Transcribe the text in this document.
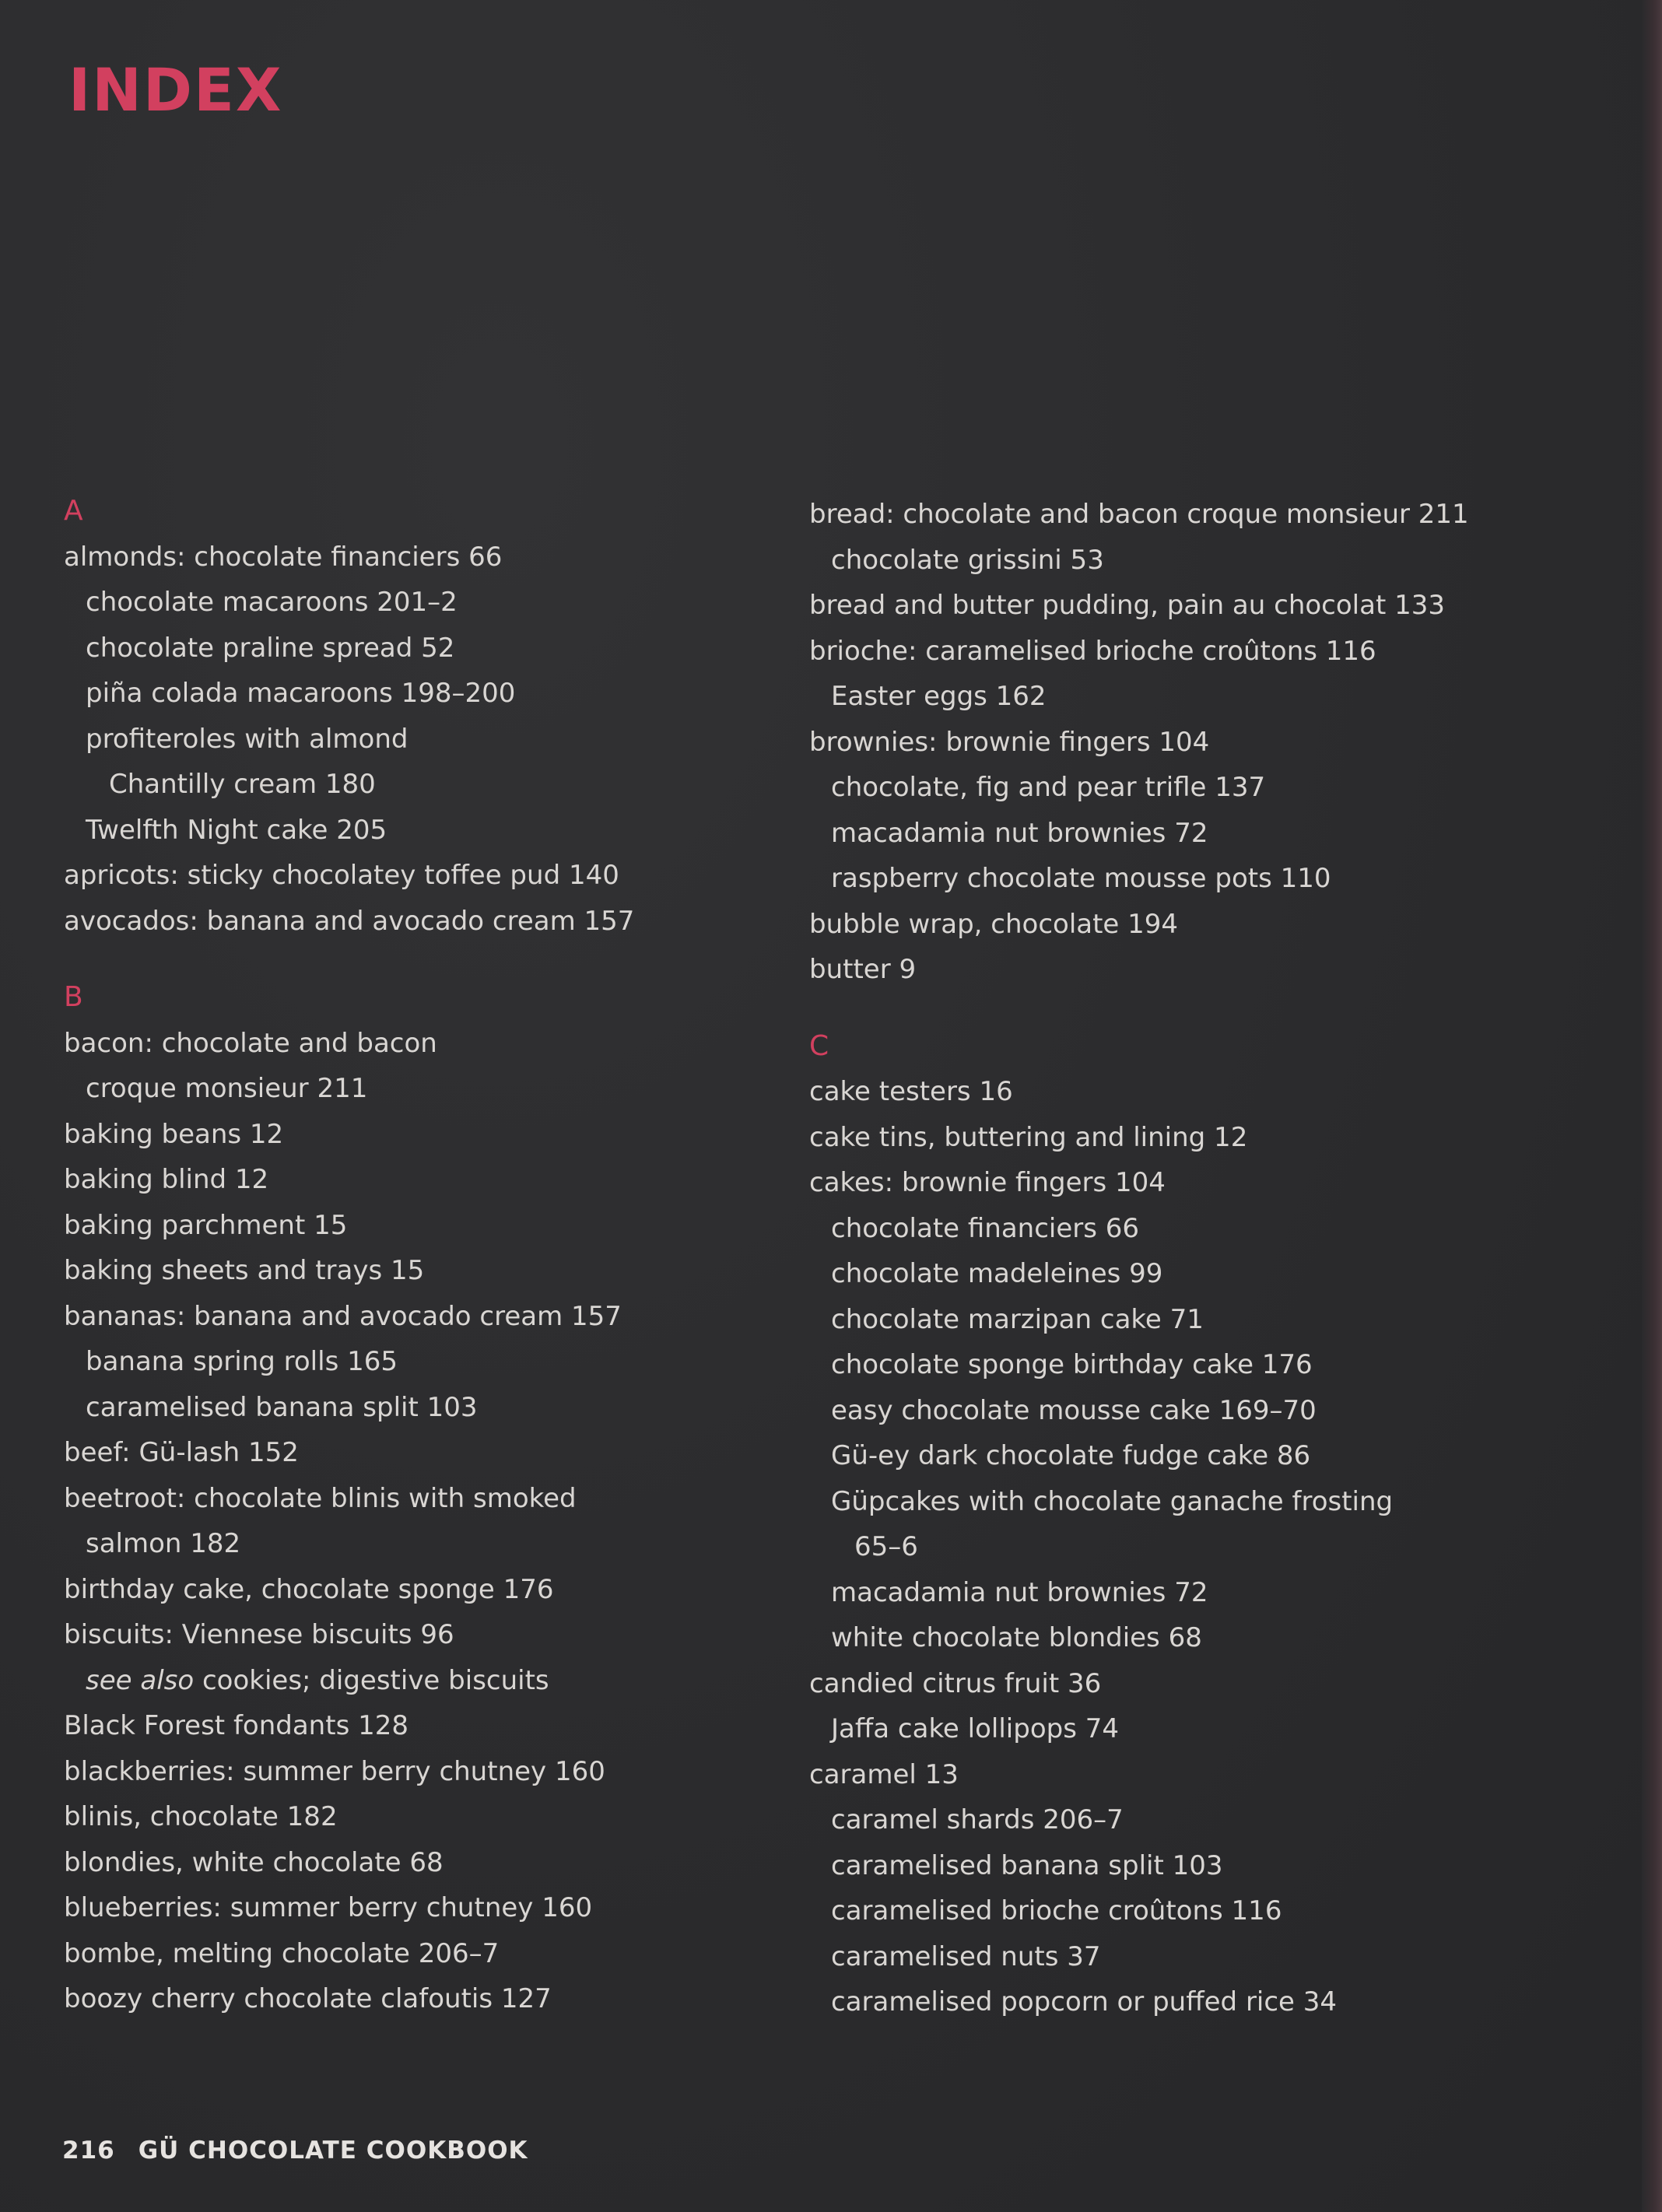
INDEX
A
almonds: chocolate financiers 66
chocolate macaroons 201–2
chocolate praline spread 52
piña colada macaroons 198–200
profiteroles with almond
Chantilly cream 180
Twelfth Night cake 205
apricots: sticky chocolatey toffee pud 140
avocados: banana and avocado cream 157
B
bacon: chocolate and bacon
croque monsieur 211
baking beans 12
baking blind 12
baking parchment 15
baking sheets and trays 15
bananas: banana and avocado cream 157
banana spring rolls 165
caramelised banana split 103
beef: Gü-lash 152
beetroot: chocolate blinis with smoked
salmon 182
birthday cake, chocolate sponge 176
biscuits: Viennese biscuits 96
see also cookies; digestive biscuits
Black Forest fondants 128
blackberries: summer berry chutney 160
blinis, chocolate 182
blondies, white chocolate 68
blueberries: summer berry chutney 160
bombe, melting chocolate 206–7
boozy cherry chocolate clafoutis 127
bread: chocolate and bacon croque monsieur 211
chocolate grissini 53
bread and butter pudding, pain au chocolat 133
brioche: caramelised brioche croûtons 116
Easter eggs 162
brownies: brownie fingers 104
chocolate, fig and pear trifle 137
macadamia nut brownies 72
raspberry chocolate mousse pots 110
bubble wrap, chocolate 194
butter 9
C
cake testers 16
cake tins, buttering and lining 12
cakes: brownie fingers 104
chocolate financiers 66
chocolate madeleines 99
chocolate marzipan cake 71
chocolate sponge birthday cake 176
easy chocolate mousse cake 169–70
Gü-ey dark chocolate fudge cake 86
Güpcakes with chocolate ganache frosting
65–6
macadamia nut brownies 72
white chocolate blondies 68
candied citrus fruit 36
Jaffa cake lollipops 74
caramel 13
caramel shards 206–7
caramelised banana split 103
caramelised brioche croûtons 116
caramelised nuts 37
caramelised popcorn or puffed rice 34
216 GÜ CHOCOLATE COOKBOOK
